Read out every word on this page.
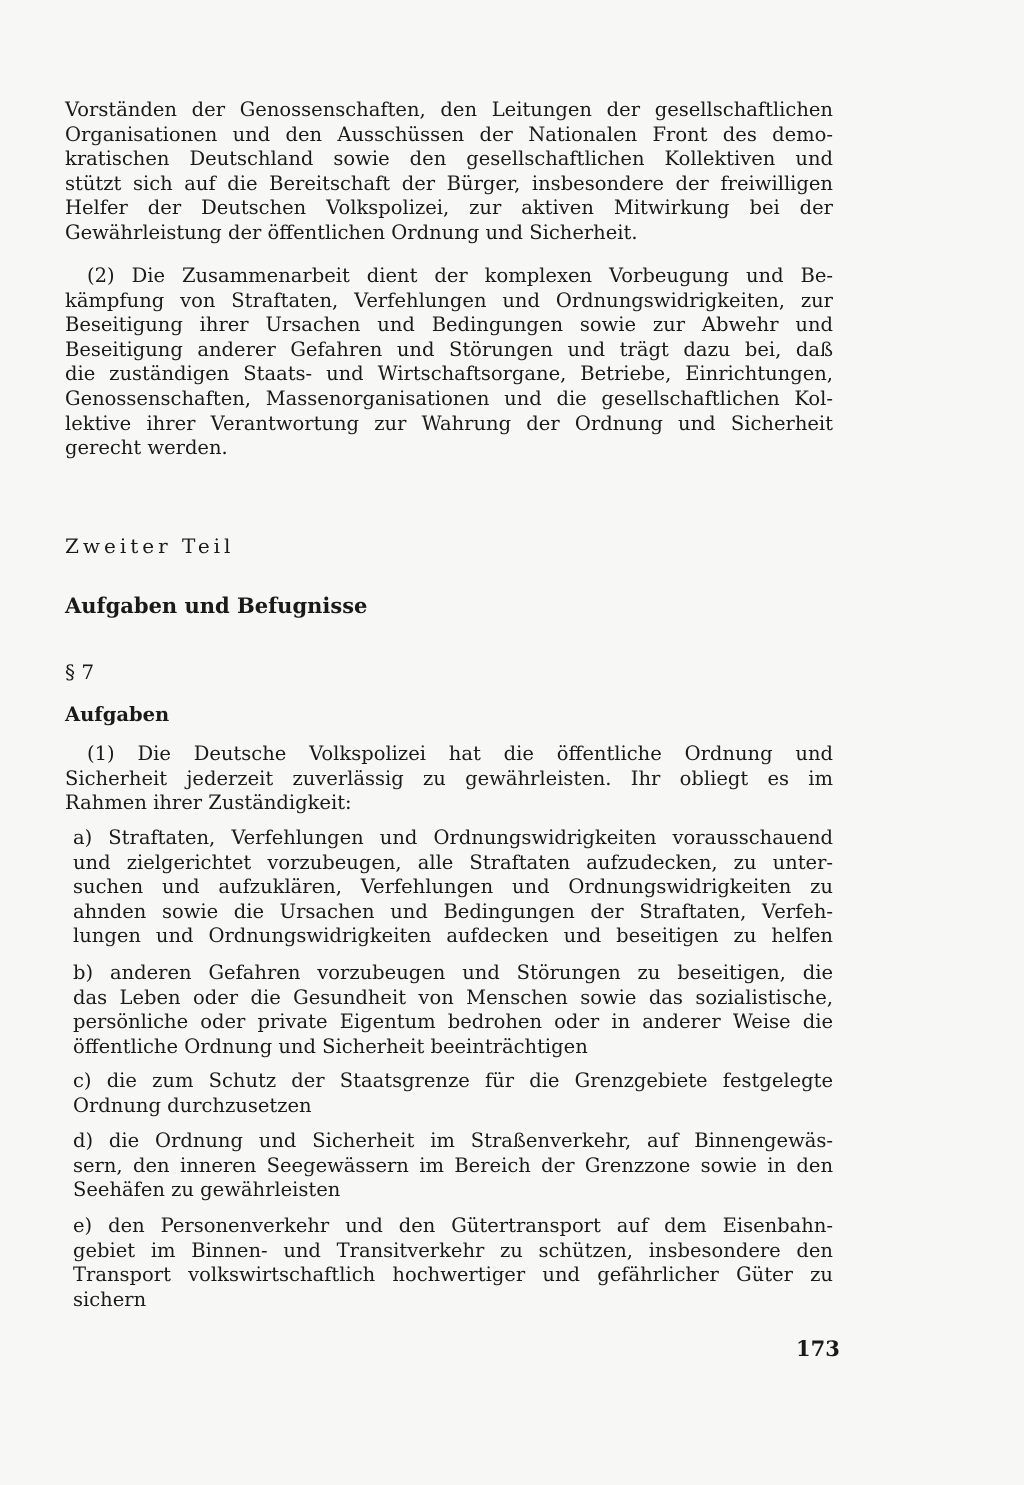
Vorständen der Genossenschaften, den Leitungen der gesellschaftlichen
Organisationen und den Ausschüssen der Nationalen Front des demo-
kratischen Deutschland sowie den gesellschaftlichen Kollektiven und
stützt sich auf die Bereitschaft der Bürger, insbesondere der freiwilligen
Helfer der Deutschen Volkspolizei, zur aktiven Mitwirkung bei der
Gewährleistung der öffentlichen Ordnung und Sicherheit.
(2) Die Zusammenarbeit dient der komplexen Vorbeugung und Be-
kämpfung von Straftaten, Verfehlungen und Ordnungswidrigkeiten, zur
Beseitigung ihrer Ursachen und Bedingungen sowie zur Abwehr und
Beseitigung anderer Gefahren und Störungen und trägt dazu bei, daß
die zuständigen Staats- und Wirtschaftsorgane, Betriebe, Einrichtungen,
Genossenschaften, Massenorganisationen und die gesellschaftlichen Kol-
lektive ihrer Verantwortung zur Wahrung der Ordnung und Sicherheit
gerecht werden.
Zweiter Teil
Aufgaben und Befugnisse
§ 7
Aufgaben
(1) Die Deutsche Volkspolizei hat die öffentliche Ordnung und
Sicherheit jederzeit zuverlässig zu gewährleisten. Ihr obliegt es im
Rahmen ihrer Zuständigkeit:
a) Straftaten, Verfehlungen und Ordnungswidrigkeiten vorausschauend
und zielgerichtet vorzubeugen, alle Straftaten aufzudecken, zu unter-
suchen und aufzuklären, Verfehlungen und Ordnungswidrigkeiten zu
ahnden sowie die Ursachen und Bedingungen der Straftaten, Verfeh-
lungen und Ordnungswidrigkeiten aufdecken und beseitigen zu helfen
b) anderen Gefahren vorzubeugen und Störungen zu beseitigen, die
das Leben oder die Gesundheit von Menschen sowie das sozialistische,
persönliche oder private Eigentum bedrohen oder in anderer Weise die
öffentliche Ordnung und Sicherheit beeinträchtigen
c) die zum Schutz der Staatsgrenze für die Grenzgebiete festgelegte
Ordnung durchzusetzen
d) die Ordnung und Sicherheit im Straßenverkehr, auf Binnengewäs-
sern, den inneren Seegewässern im Bereich der Grenzzone sowie in den
Seehäfen zu gewährleisten
e) den Personenverkehr und den Gütertransport auf dem Eisenbahn-
gebiet im Binnen- und Transitverkehr zu schützen, insbesondere den
Transport volkswirtschaftlich hochwertiger und gefährlicher Güter zu
sichern
173
